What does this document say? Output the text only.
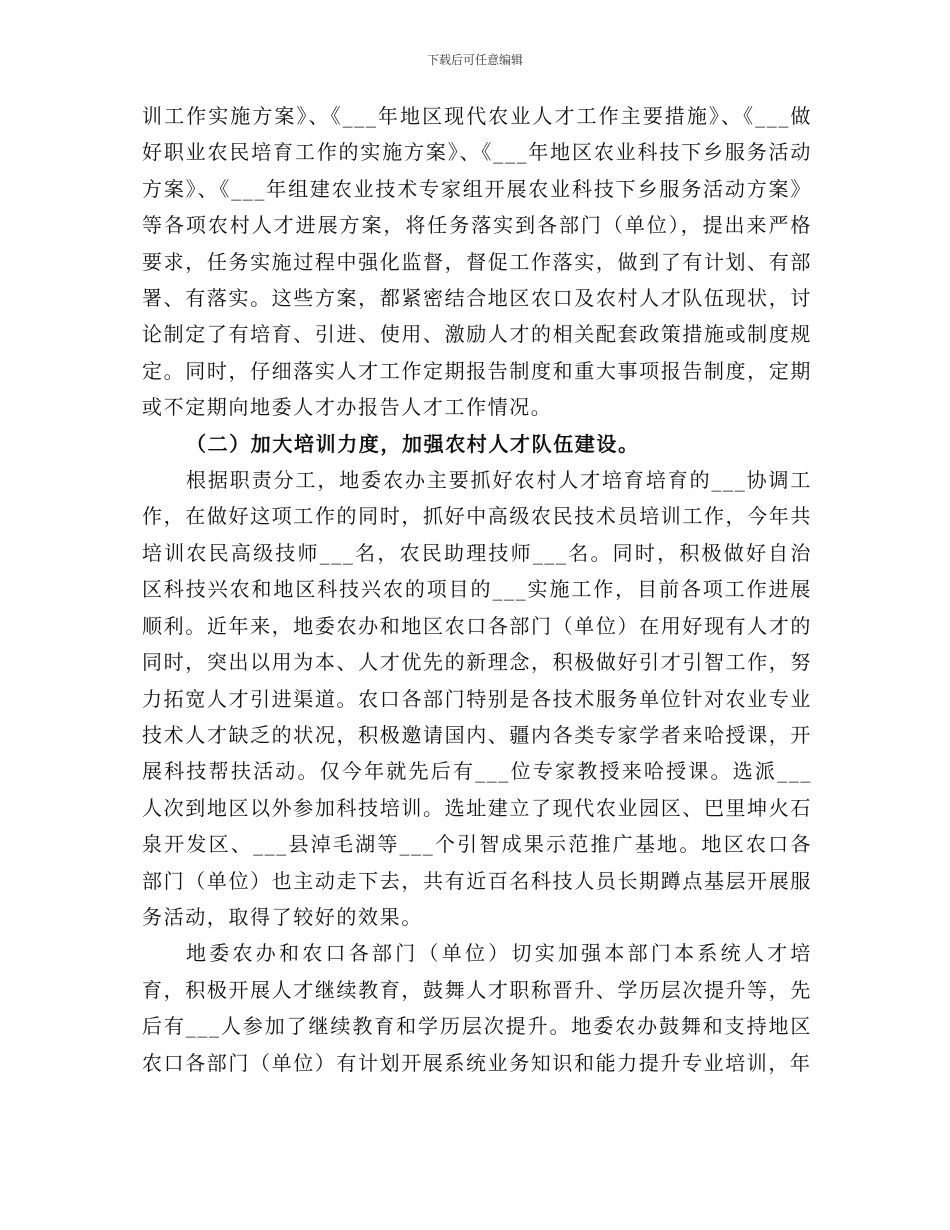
下载后可任意编辑

训工作实施方案》、《___年地区现代农业人才工作主要措施》、《___做好职业农民培育工作的实施方案》、《___年地区农业科技下乡服务活动方案》、《___年组建农业技术专家组开展农业科技下乡服务活动方案》等各项农村人才进展方案，将任务落实到各部门（单位），提出来严格要求，任务实施过程中强化监督，督促工作落实，做到了有计划、有部署、有落实。这些方案，都紧密结合地区农口及农村人才队伍现状，讨论制定了有培育、引进、使用、激励人才的相关配套政策措施或制度规定。同时，仔细落实人才工作定期报告制度和重大事项报告制度，定期或不定期向地委人才办报告人才工作情况。

（二）加大培训力度，加强农村人才队伍建设。

根据职责分工，地委农办主要抓好农村人才培育培育的___协调工作，在做好这项工作的同时，抓好中高级农民技术员培训工作，今年共培训农民高级技师___名，农民助理技师___名。同时，积极做好自治区科技兴农和地区科技兴农的项目的___实施工作，目前各项工作进展顺利。近年来，地委农办和地区农口各部门（单位）在用好现有人才的同时，突出以用为本、人才优先的新理念，积极做好引才引智工作，努力拓宽人才引进渠道。农口各部门特别是各技术服务单位针对农业专业技术人才缺乏的状况，积极邀请国内、疆内各类专家学者来哈授课，开展科技帮扶活动。仅今年就先后有___位专家教授来哈授课。选派___人次到地区以外参加科技培训。选址建立了现代农业园区、巴里坤火石泉开发区、___县淖毛湖等___个引智成果示范推广基地。地区农口各部门（单位）也主动走下去，共有近百名科技人员长期蹲点基层开展服务活动，取得了较好的效果。

地委农办和农口各部门（单位）切实加强本部门本系统人才培育，积极开展人才继续教育，鼓舞人才职称晋升、学历层次提升等，先后有___人参加了继续教育和学历层次提升。地委农办鼓舞和支持地区农口各部门（单位）有计划开展系统业务知识和能力提升专业培训，年
